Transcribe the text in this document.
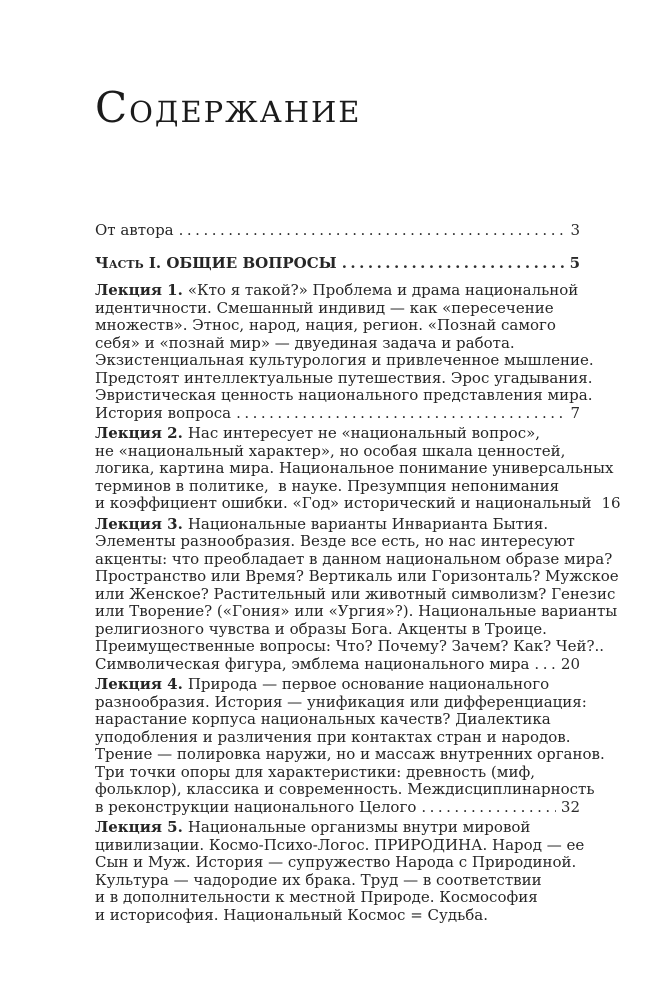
СОДЕРЖАНИЕ

От автора .....	3

Часть I. ОБЩИЕ ВОПРОСЫ .....	5

Лекция 1. «Кто я такой?» Проблема и драма национальной
идентичности. Смешанный индивид — как «пересечение
множеств». Этнос, народ, нация, регион. «Познай самого
себя» и «познай мир» — двуединая задача и работа.
Экзистенциальная культурология и привлеченное мышление.
Предстоят интеллектуальные путешествия. Эрос угадывания.
Эвристическая ценность национального представления мира.
История вопроса .....	7

Лекция 2. Нас интересует не «национальный вопрос»,
не «национальный характер», но особая шкала ценностей,
логика, картина мира. Национальное понимание универсальных
терминов в политике,  в науке. Презумпция непонимания
и коэффициент ошибки. «Год» исторический и национальный 16

Лекция 3. Национальные варианты Инварианта Бытия.
Элементы разнообразия. Везде все есть, но нас интересуют
акценты: что преобладает в данном национальном образе мира?
Пространство или Время? Вертикаль или Горизонталь? Мужское
или Женское? Растительный или животный символизм? Генезис
или Творение? («Гония» или «Ургия»?). Национальные варианты
религиозного чувства и образы Бога. Акценты в Троице.
Преимущественные вопросы: Что? Почему? Зачем? Как? Чей?..
Символическая фигура, эмблема национального мира ..... 20

Лекция 4. Природа — первое основание национального
разнообразия. История — унификация или дифференциация:
нарастание корпуса национальных качеств? Диалектика
уподобления и различения при контактах стран и народов.
Трение — полировка наружи, но и массаж внутренних органов.
Три точки опоры для характеристики: древность (миф,
фольклор), классика и современность. Междисциплинарность
в реконструкции национального Целого .....	32

Лекция 5. Национальные организмы внутри мировой
цивилизации. Космо-Психо-Логос. ПРИРОДИНА. Народ — ее
Сын и Муж. История — супружество Народа с Природиной.
Культура — чадородие их брака. Труд — в соответствии
и в дополнительности к местной Природе. Космософия
и историсофия. Национальный Космос = Судьба.
